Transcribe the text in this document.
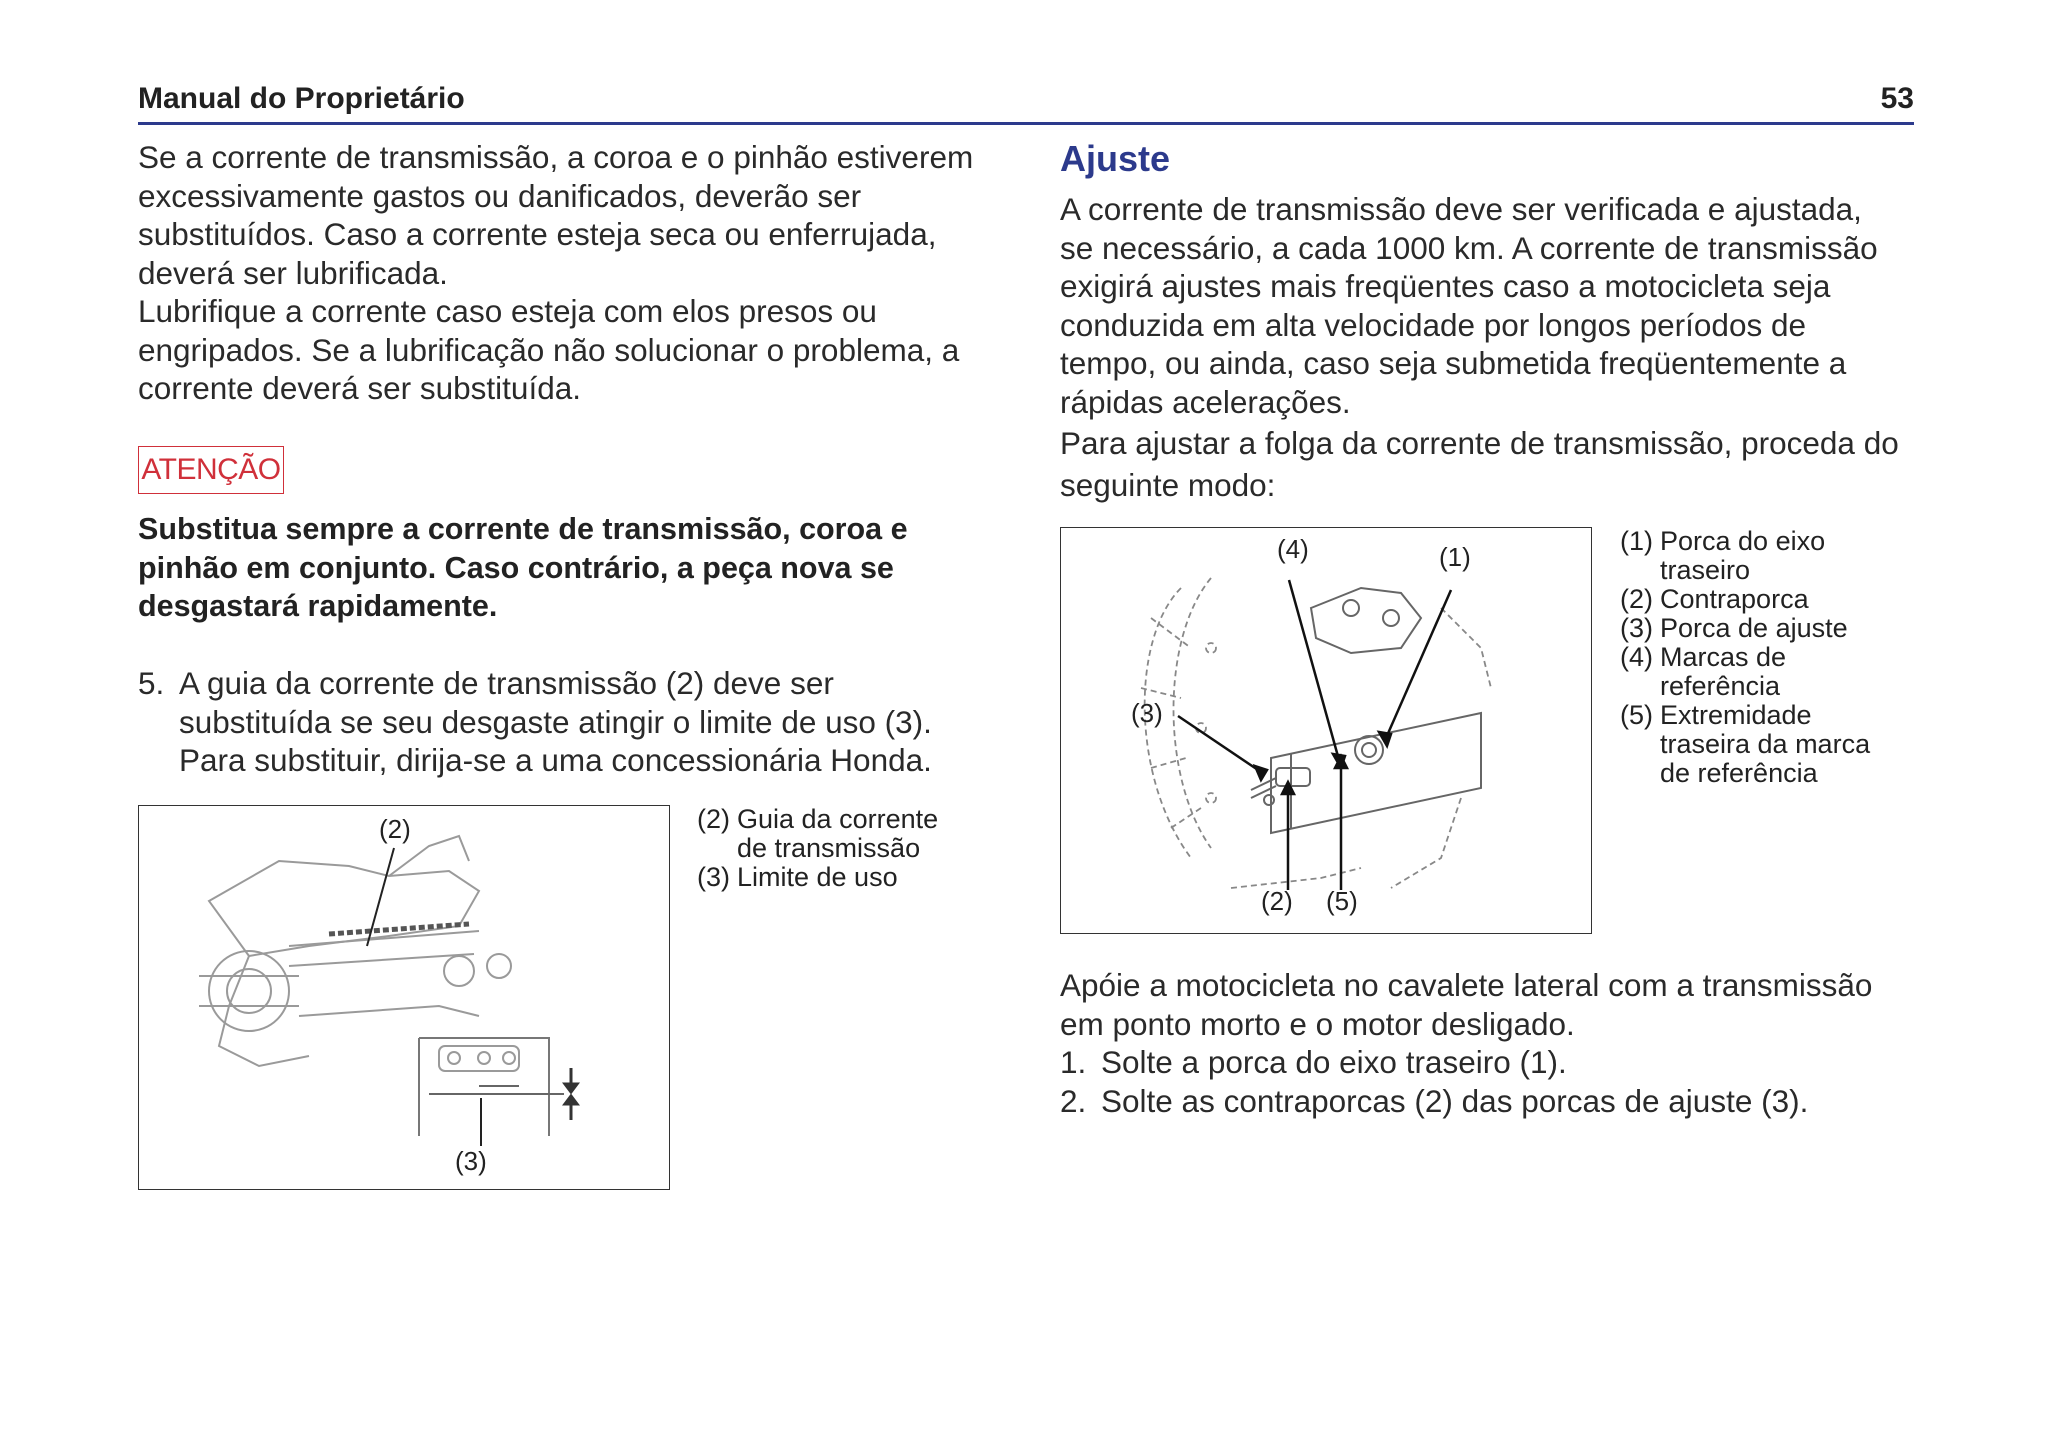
Manual do Proprietário	53

Se a corrente de transmissão, a coroa e o pinhão estiverem
excessivamente gastos ou danificados, deverão ser
substituídos. Caso a corrente esteja seca ou enferrujada,
deverá ser lubrificada.
Lubrifique a corrente caso esteja com elos presos ou
engripados. Se a lubrificação não solucionar o problema, a
corrente deverá ser substituída.

ATENÇÃO

Substitua sempre a corrente de transmissão, coroa e
pinhão em conjunto. Caso contrário, a peça nova se
desgastará rapidamente.

5. A guia da corrente de transmissão (2) deve ser
substituída se seu desgaste atingir o limite de uso (3).
Para substituir, dirija-se a uma concessionária Honda.
(2)
(3)
(2) Guia da corrente
de transmissão
(3) Limite de uso
Ajuste

A corrente de transmissão deve ser verificada e ajustada,
se necessário, a cada 1000 km. A corrente de transmissão
exigirá ajustes mais freqüentes caso a motocicleta seja
conduzida em alta velocidade por longos períodos de
tempo, ou ainda, caso seja submetida freqüentemente a
rápidas acelerações.
Para ajustar a folga da corrente de transmissão, proceda do
seguinte modo:

(4)	(1)
(3)
(2) (5)
(1) Porca do eixo
traseiro
(2) Contraporca
(3) Porca de ajuste
(4) Marcas de
referência
(5) Extremidade
traseira da marca
de referência

Apóie a motocicleta no cavalete lateral com a transmissão
em ponto morto e o motor desligado.

1. Solte a porca do eixo traseiro (1).
2. Solte as contraporcas (2) das porcas de ajuste (3).
